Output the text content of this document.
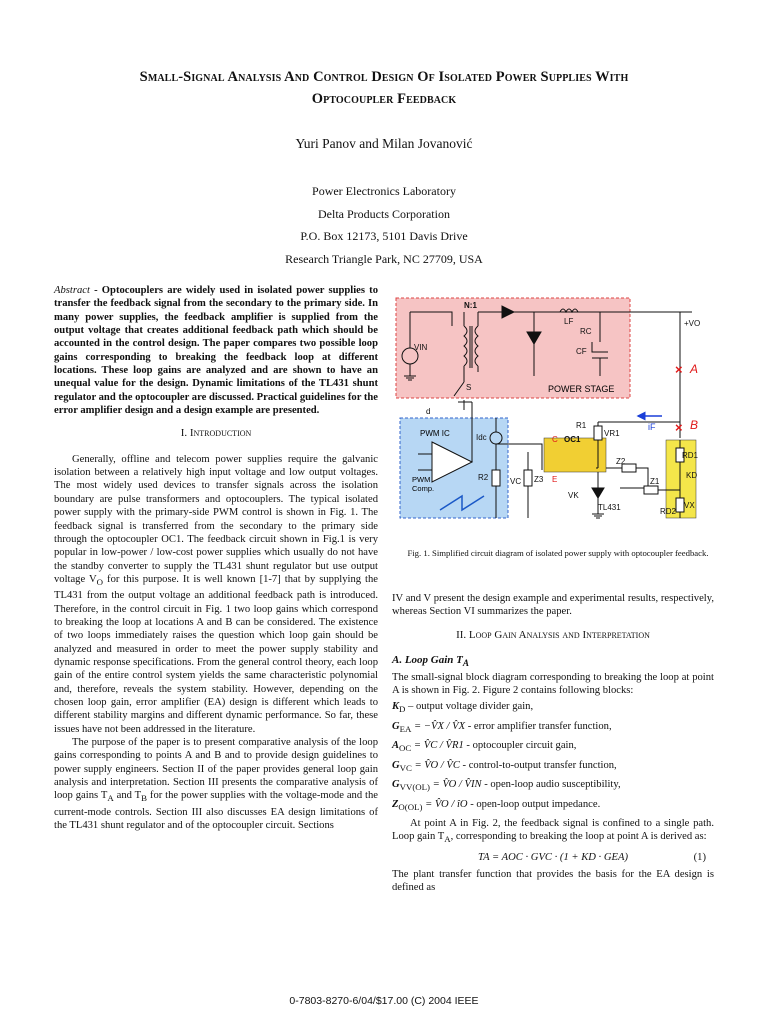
Small-Signal Analysis And Control Design Of Isolated Power Supplies With
Optocoupler Feedback
Yuri Panov and Milan Jovanović
Power Electronics Laboratory
Delta Products Corporation
P.O. Box 12173, 5101 Davis Drive
Research Triangle Park, NC 27709, USA

Abstract - Optocouplers are widely used in isolated power supplies to transfer the feedback signal from the secondary to the primary side. In many power supplies, the feedback amplifier is supplied from the output voltage that creates additional feedback path which should be accounted in the control design. The paper compares two possible loop gains corresponding to breaking the feedback loop at different locations. These loop gains are analyzed and are shown to have an unequal value for the design. Dynamic limitations of the TL431 shunt regulator and the optocoupler are discussed. Practical guidelines for the error amplifier design and a design example are presented.

I. Introduction

Generally, offline and telecom power supplies require the galvanic isolation between a relatively high input voltage and low output voltages. The most widely used devices to transfer signals across the isolation boundary are pulse transformers and optocouplers. The typical isolated power supply with the primary-side PWM control is shown in Fig. 1. The feedback signal is transferred from the secondary to the primary side through the optocoupler OC1. The feedback circuit shown in Fig.1 is very popular in low-power / low-cost power supplies which usually do not have the standby converter to supply the TL431 shunt regulator but use output voltage $V_O$ for this purpose. It is well known [1-7] that by supplying the TL431 from the output voltage an additional feedback path is introduced. Therefore, in the control circuit in Fig. 1 two loop gains which correspond to breaking the loop at locations A and B can be considered. The existence of two loops immediately raises the question which loop gain should be analyzed and measured in order to meet the power supply stability and dynamic response specifications. From the general control theory, each loop gain of the entire control system yields the same characteristic polynomial and, therefore, reveals the system stability. However, depending on the chosen loop gain, error amplifier (EA) design is different which leads to different stability margins and different dynamic performance. So far, these issues have not been addressed in the literature.

The purpose of the paper is to present comparative analysis of the loop gains corresponding to points A and B and to provide design guidelines to power supply engineers. Section II of the paper provides general loop gain analysis and interpretation. Section III presents the comparative analysis of loop gains $T_A$ and $T_B$ for the power supplies with the voltage-mode and the current-mode controls. Section III also discusses EA design limitations of the TL431 shunt regulator and of the optocoupler circuit. Sections

POWER STAGE
PWM IC
PWM
Comp.
× A
× B
iF
VIN
N:1
LF
RC
CF
+VO
S
d
R1
VR1
OC1
Idc
R2	VC Z3
C
E
Z2
Z1
VK
TL431
RD1
KD
RD2
VX
Fig. 1. Simplified circuit diagram of isolated power supply with optocoupler feedback.

IV and V present the design example and experimental results, respectively, whereas Section VI summarizes the paper.

II. Loop Gain Analysis and Interpretation

A. Loop Gain $T_A$

The small-signal block diagram corresponding to breaking the loop at point A is shown in Fig. 2. Figure 2 contains following blocks:

$K_D$ – output voltage divider gain,
$G_{EA}$ = −V̂X / V̂X - error amplifier transfer function,
$A_{OC}$ = V̂C / V̂R1 - optocoupler circuit gain,
$G_{VC}$ = V̂O / V̂C - control-to-output transfer function,
$G_{VV(OL)}$ = V̂O / V̂IN - open-loop audio susceptibility,
$Z_{O(OL)}$ = V̂O / îO - open-loop output impedance.

At point A in Fig. 2, the feedback signal is confined to a single path. Loop gain $T_A$, corresponding to breaking the loop at point A is derived as:

TA = AOC · GVC · (1 + KD · GEA)	(1)

The plant transfer function that provides the basis for the EA design is defined as

0-7803-8270-6/04/$17.00 (C) 2004 IEEE
